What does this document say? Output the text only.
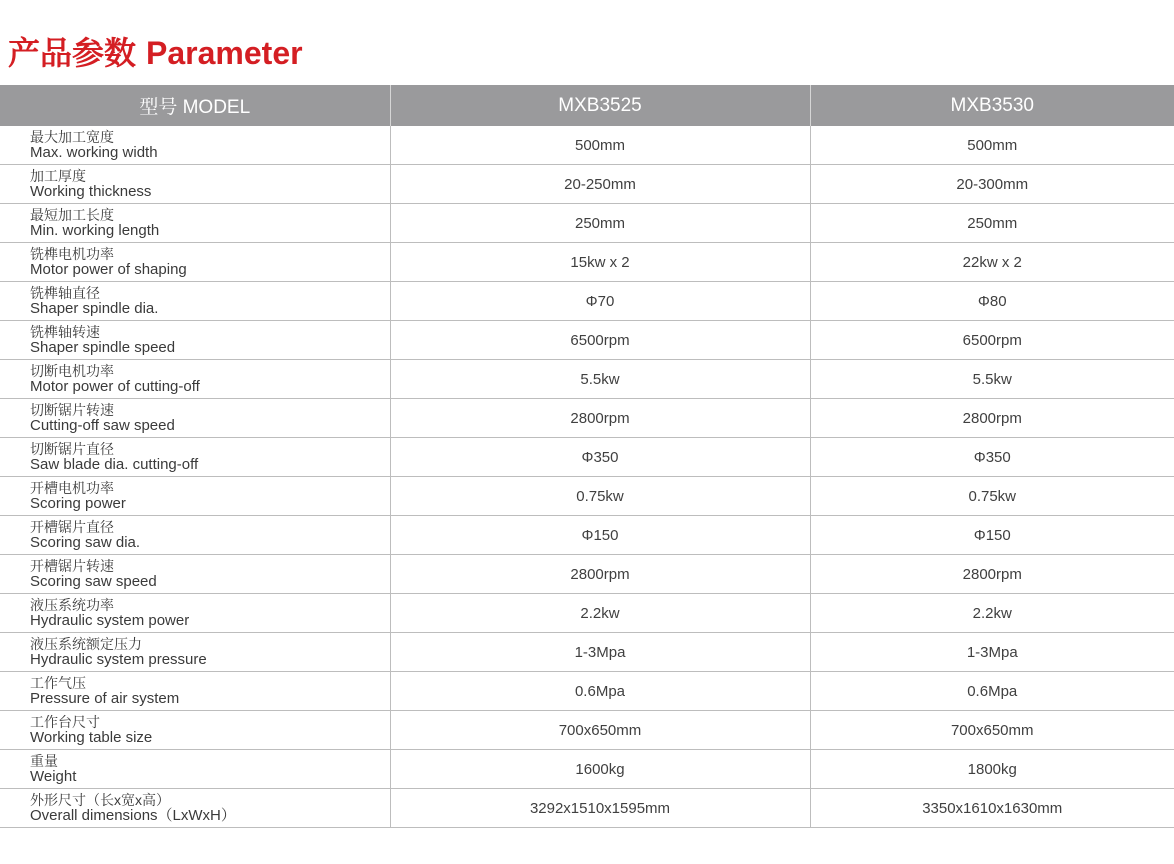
产品参数 Parameter
型号 MODEL	MXB3525	MXB3530

最大加工宽度
Max. working width	500mm	500mm

加工厚度
Working thickness	20-250mm	20-300mm

最短加工长度
Min. working length	250mm	250mm

铣榫电机功率
Motor power of shaping	15kw x 2	22kw x 2

铣榫轴直径
Shaper spindle dia.	Φ70	Φ80

铣榫轴转速
Shaper spindle speed	6500rpm	6500rpm

切断电机功率
Motor power of cutting-off	5.5kw	5.5kw

切断锯片转速
Cutting-off saw speed	2800rpm	2800rpm

切断锯片直径
Saw blade dia. cutting-off	Φ350	Φ350

开槽电机功率
Scoring power	0.75kw	0.75kw

开槽锯片直径
Scoring saw dia.	Φ150	Φ150

开槽锯片转速
Scoring saw speed	2800rpm	2800rpm

液压系统功率
Hydraulic system power	2.2kw	2.2kw

液压系统额定压力
Hydraulic system pressure	1-3Mpa	1-3Mpa

工作气压
Pressure of air system	0.6Mpa	0.6Mpa

工作台尺寸
Working table size	700x650mm	700x650mm

重量
Weight	1600kg	1800kg

外形尺寸（长x宽x高）
Overall dimensions（LxWxH）	3292x1510x1595mm	3350x1610x1630mm
